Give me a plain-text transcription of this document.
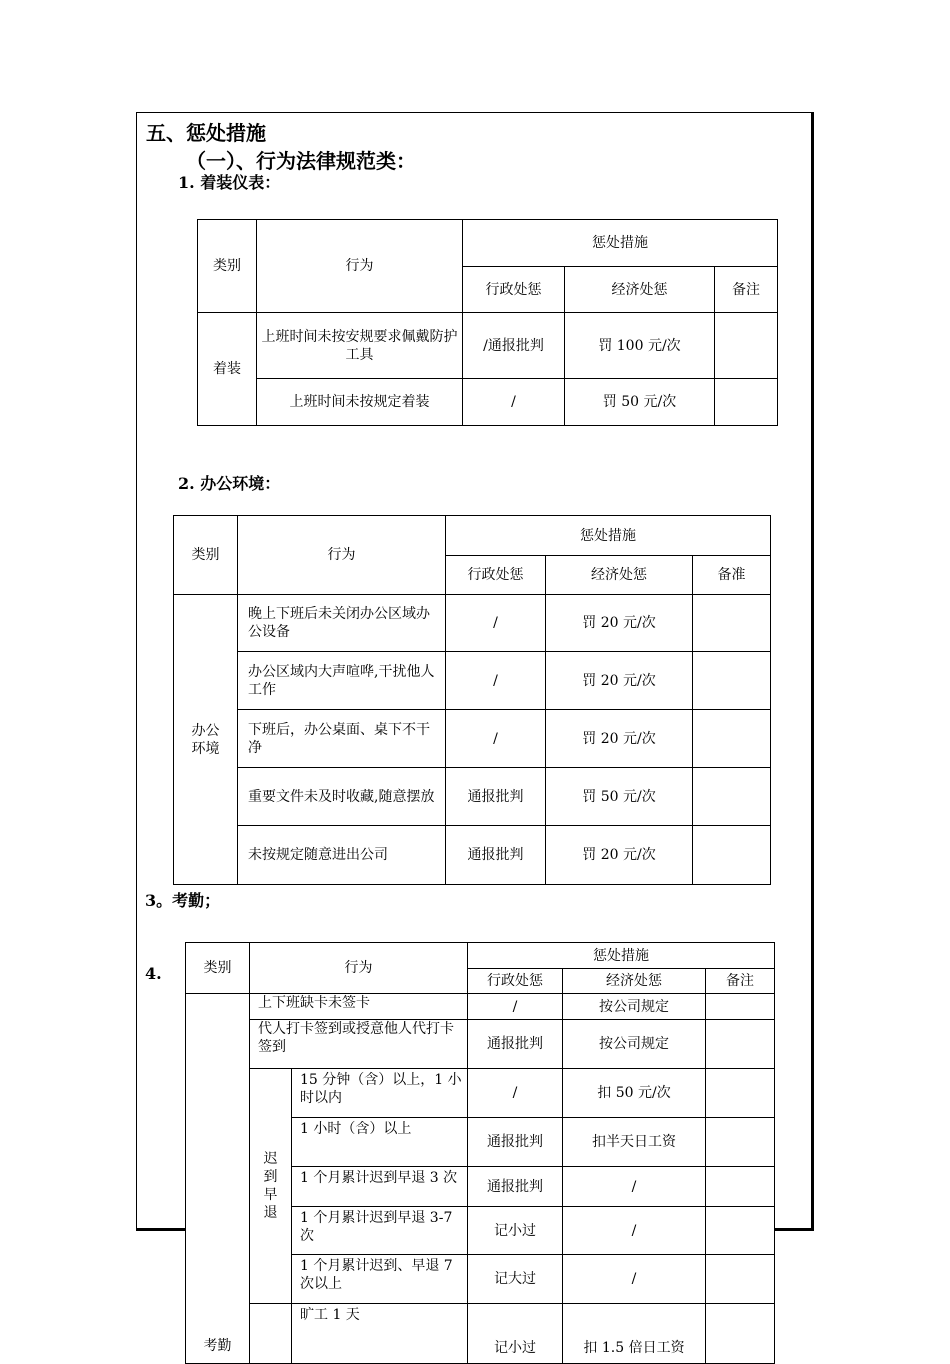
五、惩处措施
（一）、行为法律规范类：
1. 着装仪表：
类别	行为	惩处措施		
		行政处惩	经济处惩	备注
着装	上班时间未按安规要求佩戴防护工具	/通报批判	罚 100 元/次	
	上班时间未按规定着装	/	罚 50 元/次	
2. 办公环境：
类别	行为	惩处措施		
		行政处惩	经济处惩	备准
办公环境	晚上下班后未关闭办公区域办公设备	/	罚 20 元/次	
	办公区域内大声喧哗,干扰他人工作	/	罚 20 元/次	
	下班后，办公桌面、桌下不干净	/	罚 20 元/次	
	重要文件未及时收藏,随意摆放	通报批判	罚 50 元/次	
	未按规定随意进出公司	通报批判	罚 20 元/次	
3。考勤；
4.	类别	行为		惩处措施		
			行政处惩	经济处惩	备注
考勤	上下班缺卡未签卡		/	按公司规定	
	代人打卡签到或授意他人代打卡签到		通报批判	按公司规定	
	迟到早退	15 分钟（含）以上，1 小时以内	/	扣 50 元/次	
		1 小时（含）以上	通报批判	扣半天日工资	
		1 个月累计迟到早退 3 次	通报批判	/	
		1 个月累计迟到早退 3-7 次	记小过	/	
		1 个月累计迟到、早退 7 次以上	记大过	/	
		旷工 1 天	记小过	扣 1.5 倍日工资	
